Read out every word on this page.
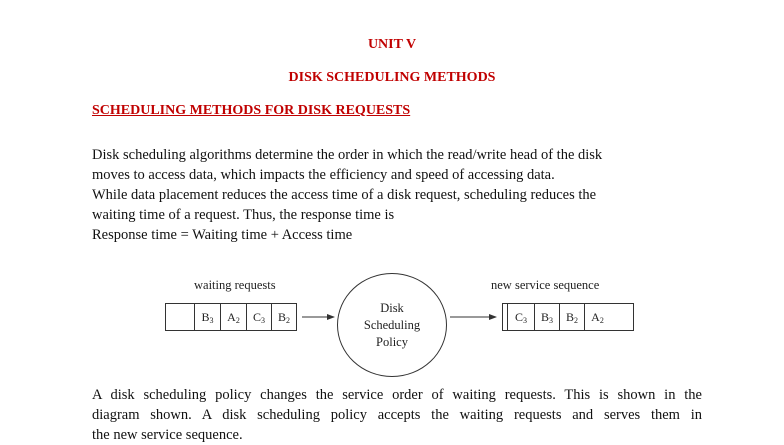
UNIT V
DISK SCHEDULING METHODS
SCHEDULING METHODS FOR DISK REQUESTS

Disk scheduling algorithms determine the order in which the read/write head of the disk
moves to access data, which impacts the efficiency and speed of accessing data.
While data placement reduces the access time of a disk request, scheduling reduces the
waiting time of a request. Thus, the response time is
Response time = Waiting time + Access time

waiting requests
$B_3$ $A_2$ $C_3$ $B_2$
Disk
Scheduling
Policy
new service sequence
$C_3$ $B_3$ $B_2$ $A_2$

A disk scheduling policy changes the service order of waiting requests. This is shown in the
diagram shown. A disk scheduling policy accepts the waiting requests and serves them in
the new service sequence.
